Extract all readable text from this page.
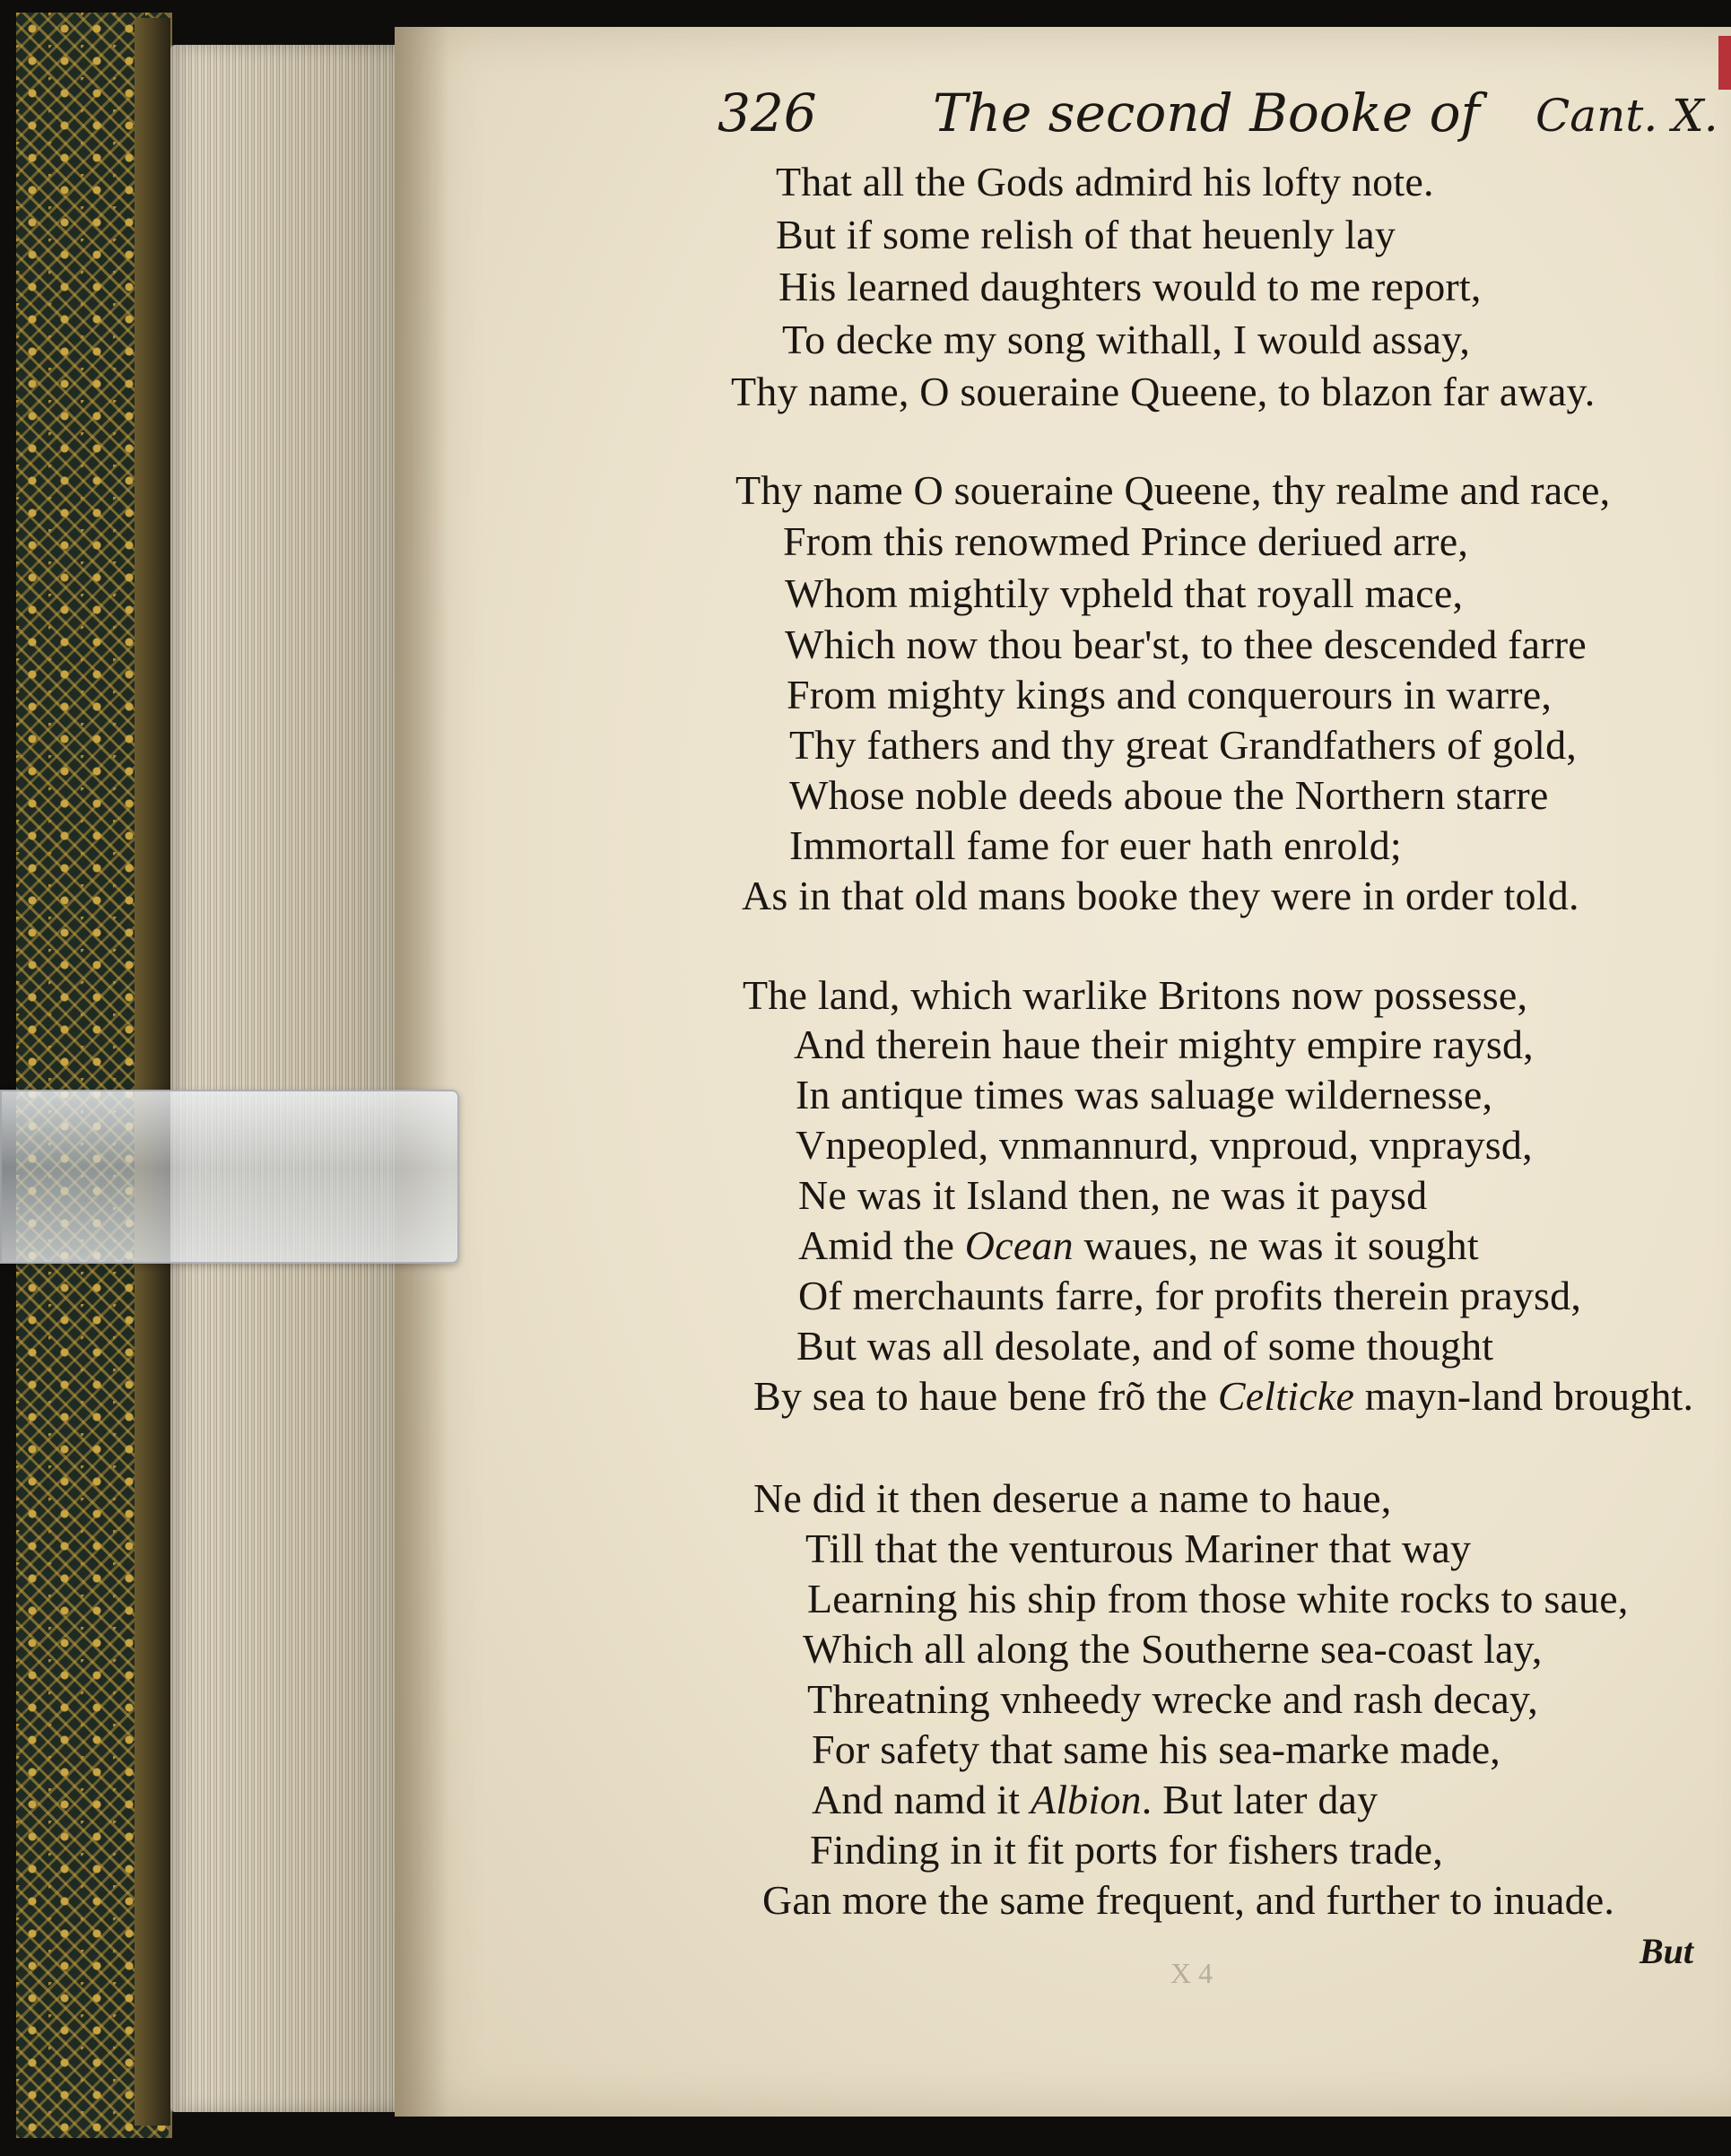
326 The second Booke of Cant. X.
That all the Gods admird his lofty note.
But if some relish of that heuenly lay
His learned daughters would to me report,
To decke my song withall, I would assay,
Thy name, O soueraine Queene, to blazon far away.
Thy name O soueraine Queene, thy realme and race,
From this renowmed Prince deriued arre,
Whom mightily vpheld that royall mace,
Which now thou bear'st, to thee descended farre
From mighty kings and conquerours in warre,
Thy fathers and thy great Grandfathers of gold,
Whose noble deeds aboue the Northern starre
Immortall fame for euer hath enrold;
As in that old mans booke they were in order told.
The land, which warlike Britons now possesse,
And therein haue their mighty empire raysd,
In antique times was saluage wildernesse,
Vnpeopled, vnmannurd, vnproud, vnpraysd,
Ne was it Island then, ne was it paysd
Amid the Ocean waues, ne was it sought
Of merchaunts farre, for profits therein praysd,
But was all desolate, and of some thought
By sea to haue bene frõ the Celticke mayn-land brought.
Ne did it then deserue a name to haue,
Till that the venturous Mariner that way
Learning his ship from those white rocks to saue,
Which all along the Southerne sea-coast lay,
Threatning vnheedy wrecke and rash decay,
For safety that same his sea-marke made,
And namd it Albion. But later day
Finding in it fit ports for fishers trade,
Gan more the same frequent, and further to inuade.
But
X 4
